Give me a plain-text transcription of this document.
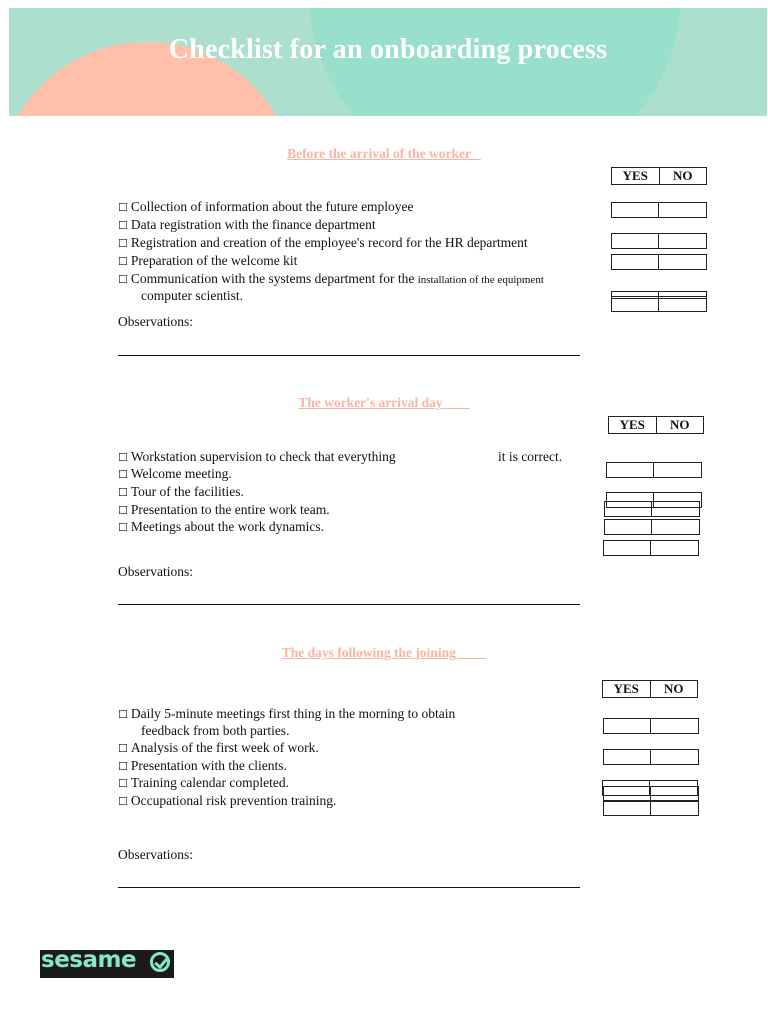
Checklist for an onboarding process
Before the arrival of the worker
YES	NO
☐ Collection of information about the future employee
☐ Data registration with the finance department
☐ Registration and creation of the employee's record for the HR department
☐ Preparation of the welcome kit
☐ Communication with the systems department for the installation of the equipment
computer scientist.
Observations:
The worker's arrival day
YES	NO
☐ Workstation supervision to check that everything	it is correct.
☐ Welcome meeting.
☐ Tour of the facilities.
☐ Presentation to the entire work team.
☐ Meetings about the work dynamics.
Observations:
The days following the joining
YES	NO
☐ Daily 5-minute meetings first thing in the morning to obtain
feedback from both parties.
☐ Analysis of the first week of work.
☐ Presentation with the clients.
☐ Training calendar completed.
☐ Occupational risk prevention training.
Observations:
sesame
